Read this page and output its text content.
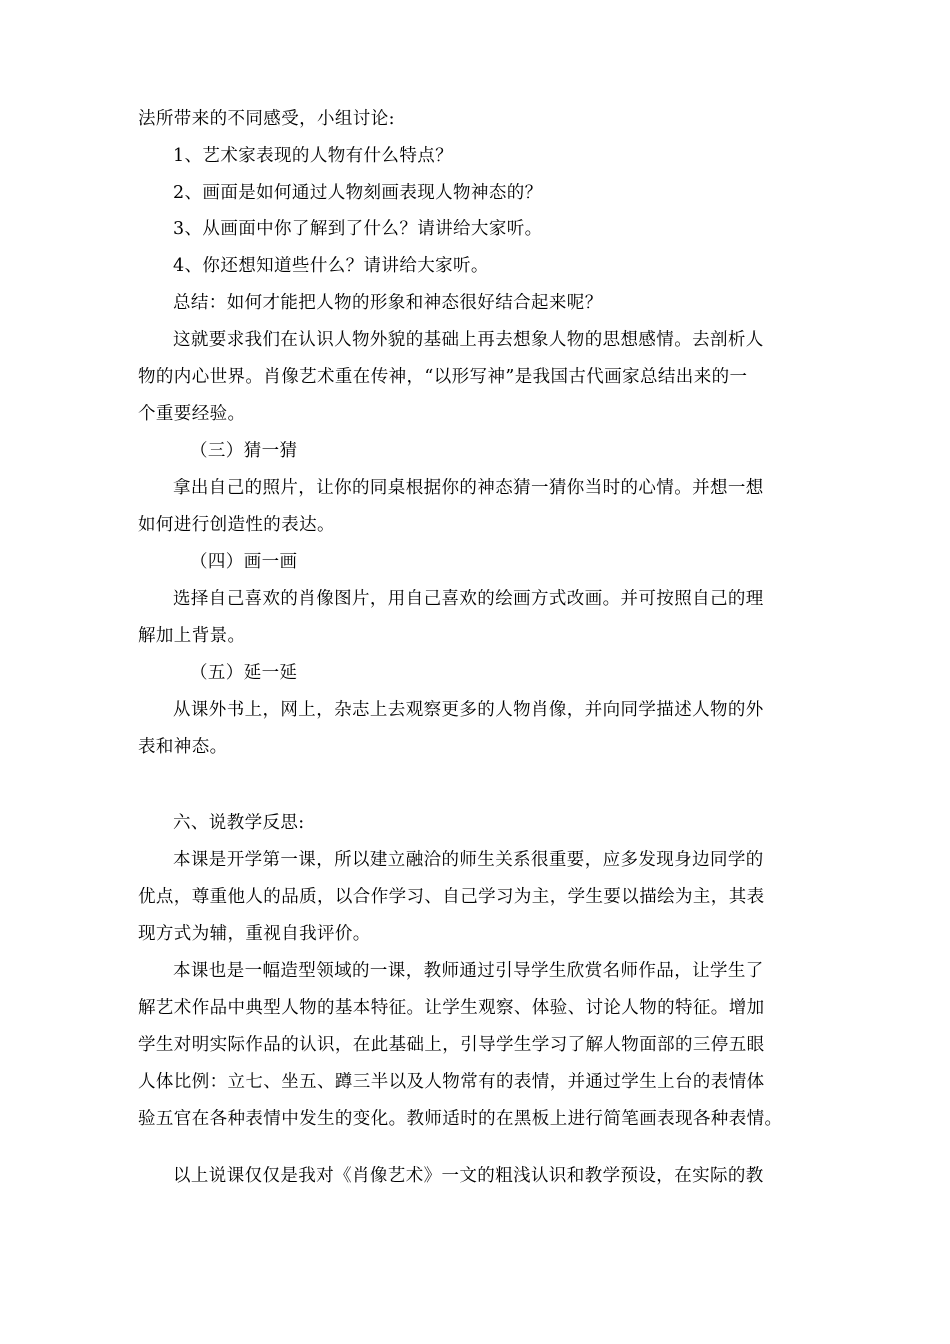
法所带来的不同感受，小组讨论:
1、艺术家表现的人物有什么特点？
2、画面是如何通过人物刻画表现人物神态的？
3、从画面中你了解到了什么？请讲给大家听。
4、你还想知道些什么？请讲给大家听。
总结：如何才能把人物的形象和神态很好结合起来呢？
这就要求我们在认识人物外貌的基础上再去想象人物的思想感情。去剖析人
物的内心世界。肖像艺术重在传神，“以形写神”是我国古代画家总结出来的一
个重要经验。
（三）猜一猜
拿出自己的照片，让你的同桌根据你的神态猜一猜你当时的心情。并想一想
如何进行创造性的表达。
（四）画一画
选择自己喜欢的肖像图片，用自己喜欢的绘画方式改画。并可按照自己的理
解加上背景。
（五）延一延
从课外书上，网上，杂志上去观察更多的人物肖像，并向同学描述人物的外
表和神态。
六、说教学反思:
本课是开学第一课，所以建立融洽的师生关系很重要，应多发现身边同学的
优点，尊重他人的品质，以合作学习、自己学习为主，学生要以描绘为主，其表
现方式为辅，重视自我评价。
本课也是一幅造型领域的一课，教师通过引导学生欣赏名师作品，让学生了
解艺术作品中典型人物的基本特征。让学生观察、体验、讨论人物的特征。增加
学生对明实际作品的认识，在此基础上，引导学生学习了解人物面部的三停五眼
人体比例：立七、坐五、蹲三半以及人物常有的表情，并通过学生上台的表情体
验五官在各种表情中发生的变化。教师适时的在黑板上进行简笔画表现各种表情。
以上说课仅仅是我对《肖像艺术》一文的粗浅认识和教学预设，在实际的教
